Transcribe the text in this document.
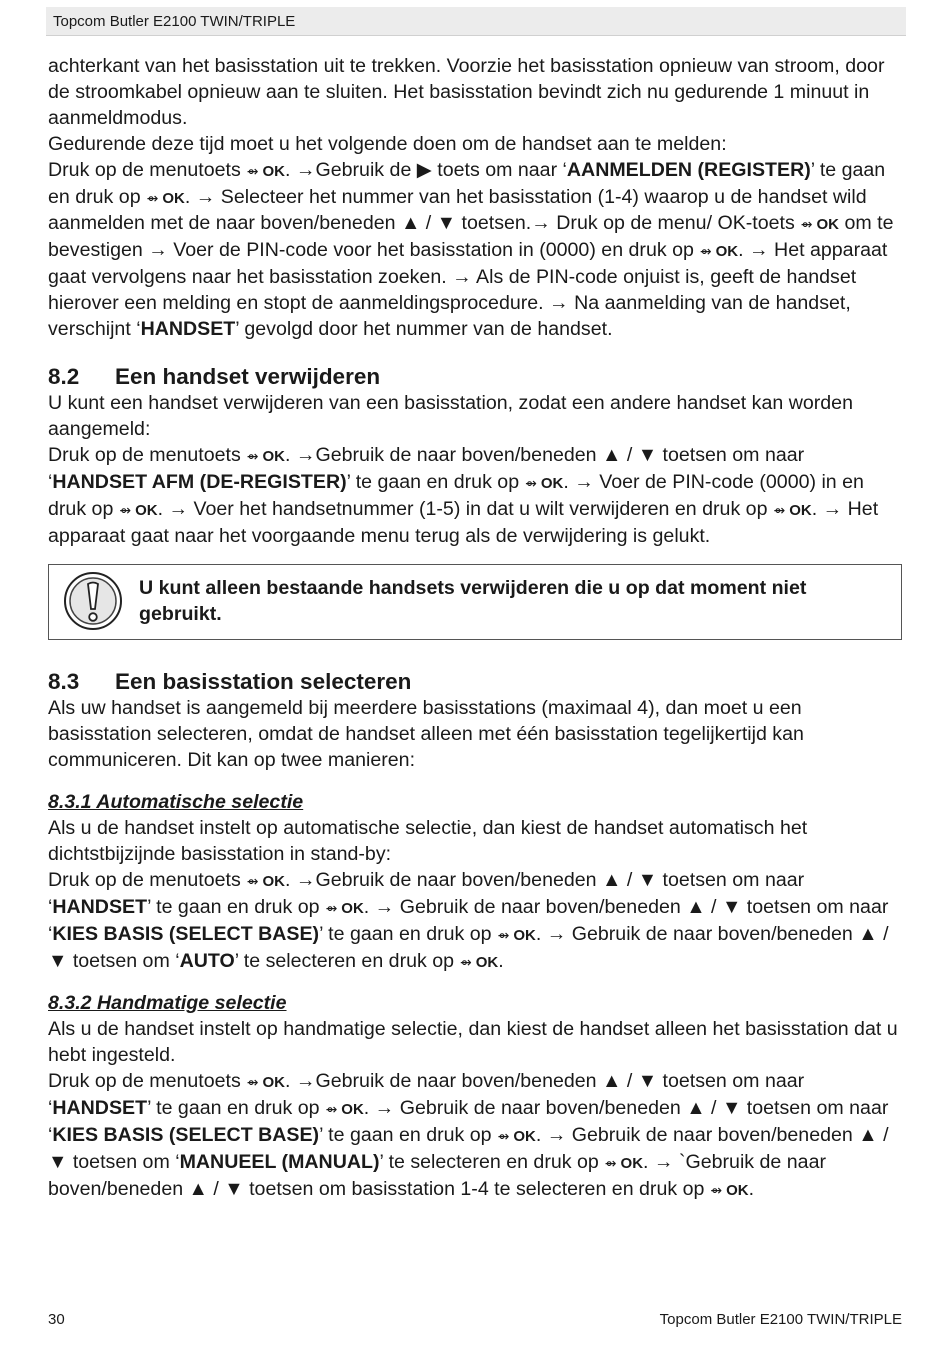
Topcom Butler E2100 TWIN/TRIPLE

achterkant van het basisstation uit te trekken. Voorzie het basisstation opnieuw van stroom, door de stroomkabel opnieuw aan te sluiten. Het basisstation bevindt zich nu gedurende 1 minuut in aanmeldmodus.

Gedurende deze tijd moet u het volgende doen om de handset aan te melden:

Druk op de menutoets ⇴ OK. →Gebruik de ▶ toets om naar ‘AANMELDEN (REGISTER)’ te gaan en druk op ⇴ OK. → Selecteer het nummer van het basisstation (1-4) waarop u de handset wild aanmelden met de naar boven/beneden ▲ / ▼ toetsen.→ Druk op de menu/ OK-toets ⇴ OK om te bevestigen → Voer de PIN-code voor het basisstation in (0000) en druk op ⇴ OK. → Het apparaat gaat vervolgens naar het basisstation zoeken. → Als de PIN-code onjuist is, geeft de handset hierover een melding en stopt de aanmeldingsprocedure. → Na aanmelding van de handset, verschijnt ‘HANDSET’ gevolgd door het nummer van de handset.

8.2 Een handset verwijderen

U kunt een handset verwijderen van een basisstation, zodat een andere handset kan worden aangemeld:

Druk op de menutoets ⇴ OK. →Gebruik de naar boven/beneden ▲ / ▼ toetsen om naar ‘HANDSET AFM (DE-REGISTER)’ te gaan en druk op ⇴ OK. → Voer de PIN-code (0000) in en druk op ⇴ OK. → Voer het handsetnummer (1-5) in dat u wilt verwijderen en druk op ⇴ OK. → Het apparaat gaat naar het voorgaande menu terug als de verwijdering is gelukt.

U kunt alleen bestaande handsets verwijderen die u op dat moment niet gebruikt.
8.3 Een basisstation selecteren

Als uw handset is aangemeld bij meerdere basisstations (maximaal 4), dan moet u een basisstation selecteren, omdat de handset alleen met één basisstation tegelijkertijd kan communiceren. Dit kan op twee manieren:

8.3.1 Automatische selectie

Als u de handset instelt op automatische selectie, dan kiest de handset automatisch het dichtstbijzijnde basisstation in stand-by:

Druk op de menutoets ⇴ OK. →Gebruik de naar boven/beneden ▲ / ▼ toetsen om naar ‘HANDSET’ te gaan en druk op ⇴ OK. → Gebruik de naar boven/beneden ▲ / ▼ toetsen om naar ‘KIES BASIS (SELECT BASE)’ te gaan en druk op ⇴ OK. → Gebruik de naar boven/beneden ▲ / ▼ toetsen om ‘AUTO’ te selecteren en druk op ⇴ OK.

8.3.2 Handmatige selectie

Als u de handset instelt op handmatige selectie, dan kiest de handset alleen het basisstation dat u hebt ingesteld.

Druk op de menutoets ⇴ OK. →Gebruik de naar boven/beneden ▲ / ▼ toetsen om naar ‘HANDSET’ te gaan en druk op ⇴ OK. → Gebruik de naar boven/beneden ▲ / ▼ toetsen om naar ‘KIES BASIS (SELECT BASE)’ te gaan en druk op ⇴ OK. → Gebruik de naar boven/beneden ▲ / ▼ toetsen om ‘MANUEEL (MANUAL)’ te selecteren en druk op ⇴ OK. → `Gebruik de naar boven/beneden ▲ / ▼ toetsen om basisstation 1-4 te selecteren en druk op ⇴ OK.

30	Topcom Butler E2100 TWIN/TRIPLE
